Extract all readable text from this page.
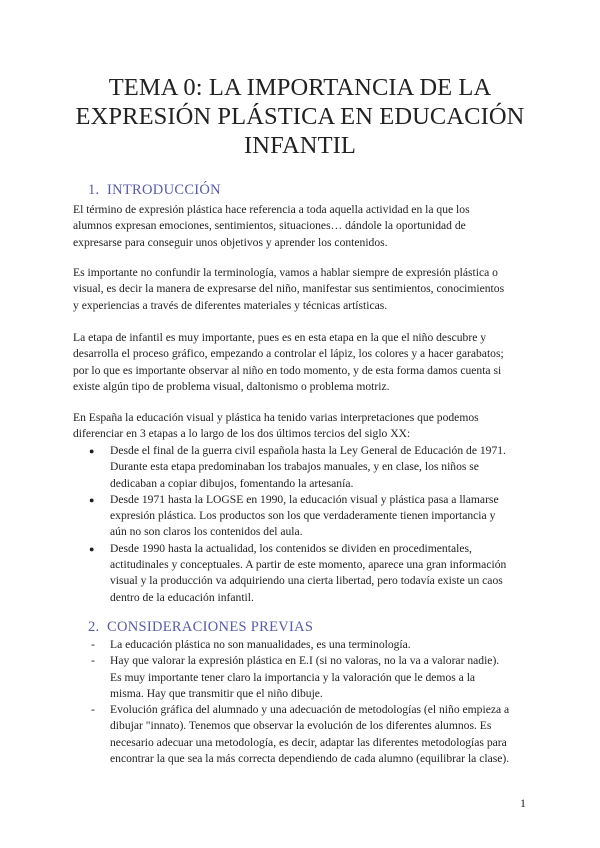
TEMA 0: LA IMPORTANCIA DE LA
EXPRESIÓN PLÁSTICA EN EDUCACIÓN
INFANTIL
1. INTRODUCCIÓN

El término de expresión plástica hace referencia a toda aquella actividad en la que los
alumnos expresan emociones, sentimientos, situaciones… dándole la oportunidad de
expresarse para conseguir unos objetivos y aprender los contenidos.

Es importante no confundir la terminología, vamos a hablar siempre de expresión plástica o
visual, es decir la manera de expresarse del niño, manifestar sus sentimientos, conocimientos
y experiencias a través de diferentes materiales y técnicas artísticas.

La etapa de infantil es muy importante, pues es en esta etapa en la que el niño descubre y
desarrolla el proceso gráfico, empezando a controlar el lápiz, los colores y a hacer garabatos;
por lo que es importante observar al niño en todo momento, y de esta forma damos cuenta si
existe algún tipo de problema visual, daltonismo o problema motriz.

En España la educación visual y plástica ha tenido varias interpretaciones que podemos
diferenciar en 3 etapas a lo largo de los dos últimos tercios del siglo XX:

● Desde el final de la guerra civil española hasta la Ley General de Educación de 1971.
Durante esta etapa predominaban los trabajos manuales, y en clase, los niños se
dedicaban a copiar dibujos, fomentando la artesanía.
● Desde 1971 hasta la LOGSE en 1990, la educación visual y plástica pasa a llamarse
expresión plástica. Los productos son los que verdaderamente tienen importancia y
aún no son claros los contenidos del aula.
● Desde 1990 hasta la actualidad, los contenidos se dividen en procedimentales,
actitudinales y conceptuales. A partir de este momento, aparece una gran información
visual y la producción va adquiriendo una cierta libertad, pero todavía existe un caos
dentro de la educación infantil.
2. CONSIDERACIONES PREVIAS
- La educación plástica no son manualidades, es una terminología.
- Hay que valorar la expresión plástica en E.I (si no valoras, no la va a valorar nadie).
Es muy importante tener claro la importancia y la valoración que le demos a la
misma. Hay que transmitir que el niño dibuje.
- Evolución gráfica del alumnado y una adecuación de metodologías (el niño empieza a
dibujar "innato). Tenemos que observar la evolución de los diferentes alumnos. Es
necesario adecuar una metodología, es decir, adaptar las diferentes metodologías para
encontrar la que sea la más correcta dependiendo de cada alumno (equilibrar la clase).
1
